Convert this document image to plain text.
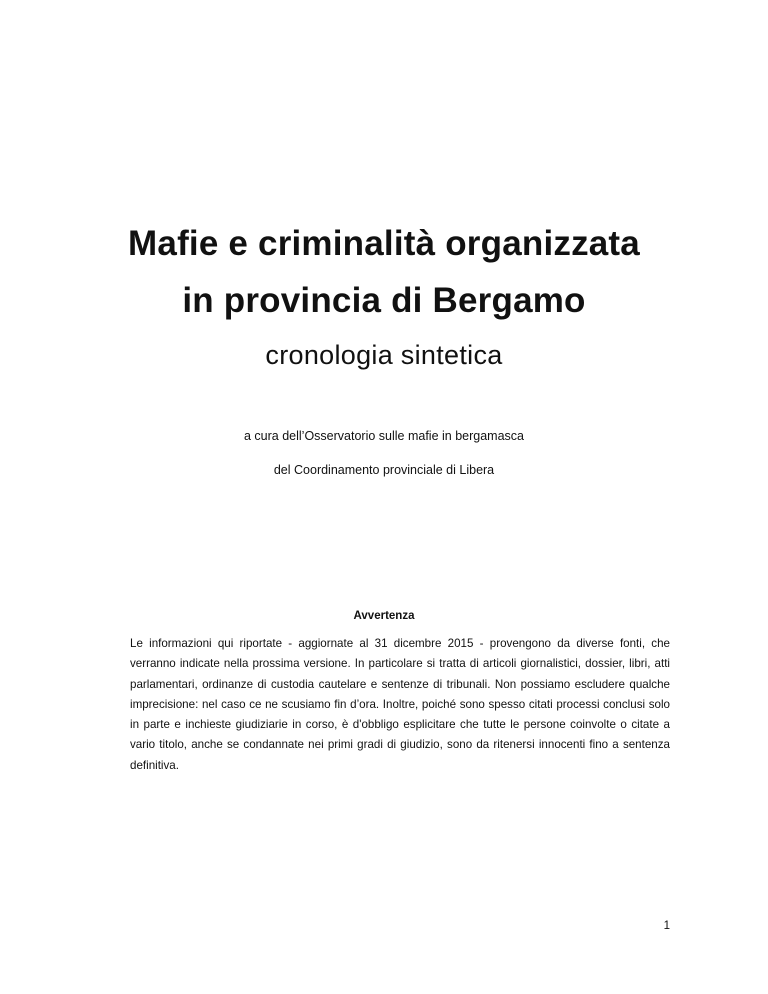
Mafie e criminalità organizzata
in provincia di Bergamo

cronologia sintetica

a cura dell’Osservatorio sulle mafie in bergamasca

del Coordinamento provinciale di Libera

Avvertenza

Le informazioni qui riportate - aggiornate al 31 dicembre 2015 - provengono da diverse fonti, che verranno indicate nella prossima versione. In particolare si tratta di articoli giornalistici, dossier, libri, atti parlamentari, ordinanze di custodia cautelare e sentenze di tribunali. Non possiamo escludere qualche imprecisione: nel caso ce ne scusiamo fin d’ora. Inoltre, poiché sono spesso citati processi conclusi solo in parte e inchieste giudiziarie in corso, è d'obbligo esplicitare che tutte le persone coinvolte o citate a vario titolo, anche se condannate nei primi gradi di giudizio, sono da ritenersi innocenti fino a sentenza definitiva.

1
